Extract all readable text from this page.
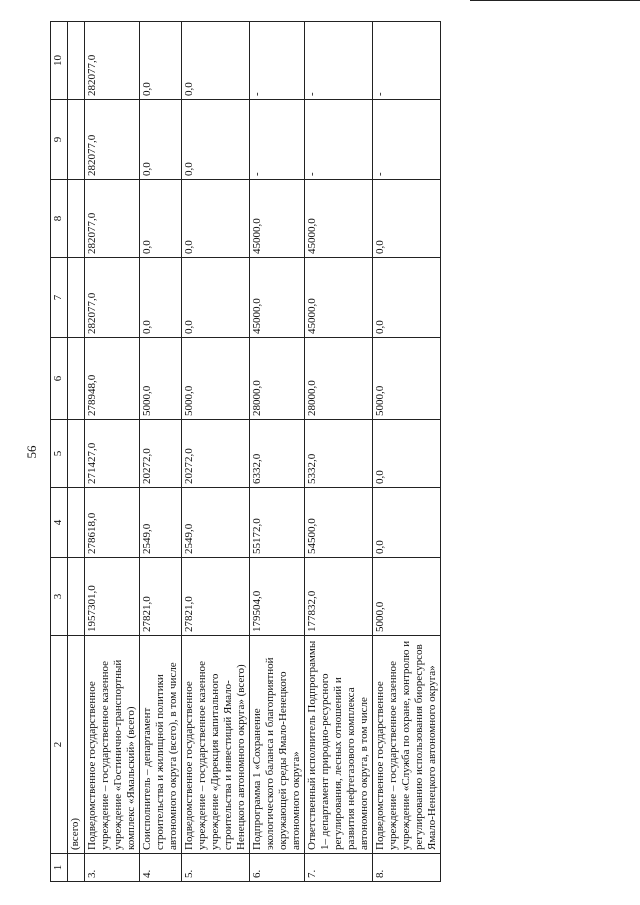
56
1	2	3	4	5	6	7	8	9	10
	(всего)								
3.	Подведомственное государственное учреждение – государственное казенное учреждение «Гостинично-транспортный комплекс «Ямальский» (всего)	1957301,0	278618,0	271427,0	278948,0	282077,0	282077,0	282077,0	282077,0
4.	Соисполнитель – департамент строительства и жилищной политики автономного округа (всего), в том числе	27821,0	2549,0	20272,0	5000,0	0,0	0,0	0,0	0,0
5.	Подведомственное государственное учреждение – государственное казенное учреждение «Дирекция капитального строительства и инвестиций Ямало-Ненецкого автономного округа» (всего)	27821,0	2549,0	20272,0	5000,0	0,0	0,0	0,0	0,0
6.	Подпрограмма 1 «Сохранение экологического баланса и благоприятной окружающей среды Ямало-Ненецкого автономного округа»	179504,0	55172,0	6332,0	28000,0	45000,0	45000,0	-	-
7.	Ответственный исполнитель Подпрограммы 1– департамент природно-ресурсного регулирования, лесных отношений и развития нефтегазового комплекса автономного округа, в том числе	177832,0	54500,0	5332,0	28000,0	45000,0	45000,0	-	-
8.	Подведомственное государственное учреждение – государственное казенное учреждение «Служба по охране, контролю и регулированию использования биоресурсов Ямало-Ненецкого автономного округа»	5000,0	0,0	0,0	5000,0	0,0	0,0	-	-
